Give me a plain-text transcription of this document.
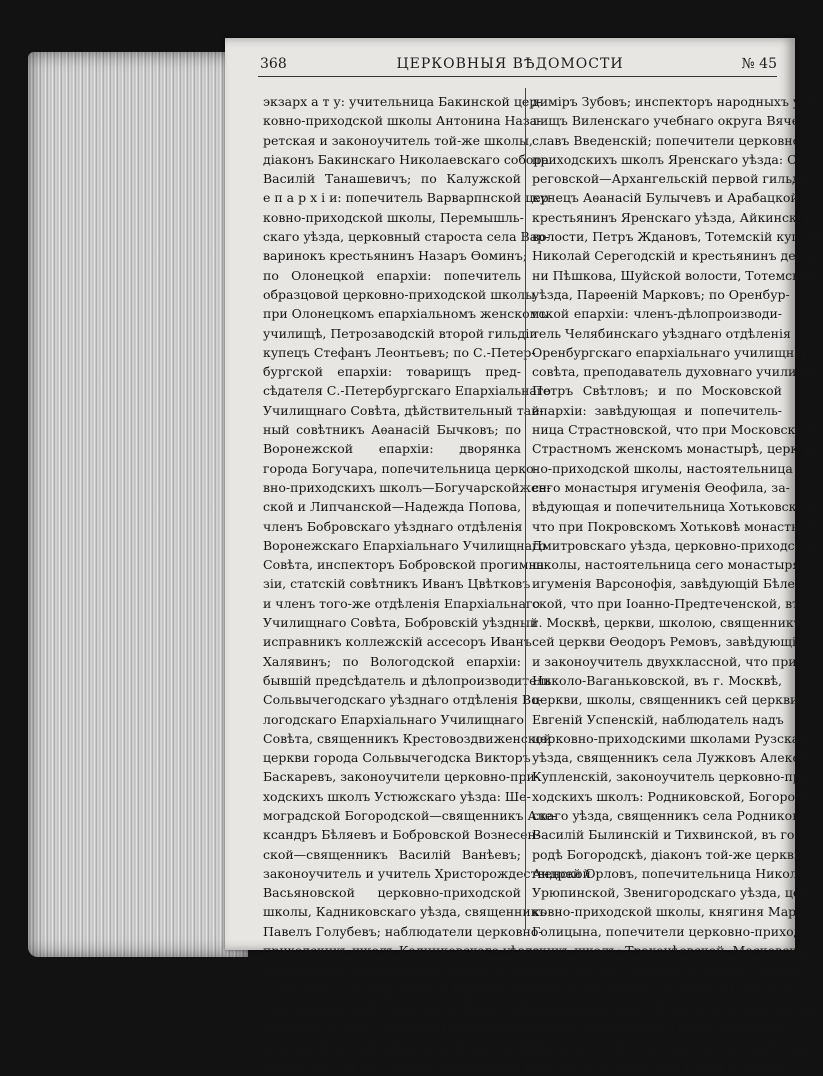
368	ЦЕРКОВНЫЯ ВѢДОМОСТИ	№ 45
экзарх а т у: учительница Бакинской цер-
ковно-приходской школы Антонина Наза-
ретская и законоучитель той-же школы,
діаконъ Бакинскаго Николаевскаго собора
Василій Танашевичъ; по Калужской
е п а р х і и: попечитель Варварпнской цер-
ковно-приходской школы, Перемышль-
скаго уѣзда, церковный староста села Вар-
варинокъ крестьянинъ Назаръ Ѳоминъ;
по Олонецкой епархіи: попечитель
образцовой церковно-приходской школы
при Олонецкомъ епархіальномъ женскомъ
училищѣ, Петрозаводскій второй гильдіи
купецъ Стефанъ Леонтьевъ; по С.-Петер-
бургской епархіи: товарищъ пред-
сѣдателя С.-Петербургскаго Епархіальнаго
Училищнаго Совѣта, дѣйствительный тай-
ный совѣтникъ Аѳанасій Бычковъ; по
Воронежской епархіи: дворянка
города Богучара, попечительница церко-
вно-приходскихъ школъ—Богучарскойжен-
ской и Липчанской—Надежда Попова,
членъ Бобровскаго уѣзднаго отдѣленія
Воронежскаго Епархіальнаго Училищнаго
Совѣта, инспекторъ Бобровской прогимна-
зіи, статскій совѣтникъ Иванъ Цвѣтковъ
и членъ того-же отдѣленія Епархіальнаго
Училищнаго Совѣта, Бобровскій уѣздный
исправникъ коллежскій ассесоръ Иванъ
Халявинъ; по Вологодской епархіи:
бывшій предсѣдатель и дѣлопроизводитель
Сольвычегодскаго уѣзднаго отдѣленія Во-
логодскаго Епархіальнаго Училищнаго
Совѣта, священникъ Крестовоздвиженской
церкви города Сольвычегодска Викторъ
Баскаревъ, законоучители церковно-при-
ходскихъ школъ Устюжскаго уѣзда: Ше-
моградской Богородской—священникъ Але-
ксандръ Бѣляевъ и Бобровской Вознесен-
ской—священникъ Василій Ванѣевъ;
законоучитель и учитель Христорождественской
Васьяновской церковно-приходской
школы, Кадниковскаго уѣзда, священникъ
Павелъ Голубевъ; наблюдатели церковно-
приходскихъ школъ Кадниковскаго уѣзда,
священники церквей: Николаевской Ембов-
ской—Викторъ Образцовъ и Преображен-
ской Вотчинской—Аристархъ Левитскій;
попечитель Христорождественской Васья-
новской церковно-приходской школы, Кад-
никовскаго уѣзда, земскій начальникъ Вла-
диміръ Зубовъ; инспекторъ народныхъ учи-
лищъ Виленскаго учебнаго округа Вяче-
славъ Введенскій; попечители церковно-
приходскихъ школъ Яренскаго уѣзда: Се-
реговской—Архангельскій первой гильдіи
купецъ Аѳанасій Булычевъ и Арабацкой—
крестьянинъ Яренскаго уѣзда, Айкинской
волости, Петръ Ждановъ, Тотемскій купецъ
Николай Серегодскій и крестьянинъ дерев-
ни Пѣшкова, Шуйской волости, Тотемскаго
уѣзда, Парѳеній Марковъ; по Оренбур-
гской епархіи: членъ-дѣлопроизводи-
тель Челябинскаго уѣзднаго отдѣленія
Оренбургскаго епархіальнаго училищнаго
совѣта, преподаватель духовнаго училища
Петръ Свѣтловъ; и по Московской
епархіи: завѣдующая и попечитель-
ница Страстновской, что при Московскомъ
Страстномъ женскомъ монастырѣ, церков-
но-приходской школы, настоятельница
сего монастыря игуменія Ѳеофила, за-
вѣдующая и попечительница Хотьковской,
что при Покровскомъ Хотьковѣ монастырѣ,
Дмитровскаго уѣзда, церковно-приходской
школы, настоятельница сего монастыря
игуменія Варсонофія, завѣдующій Бѣлев-
ской, что при Іоанно-Предтеченской, въ
г. Москвѣ, церкви, школою, священникъ
сей церкви Ѳеодоръ Ремовъ, завѣдующій
и законоучитель двухклассной, что при
Николо-Ваганьковской, въ г. Москвѣ,
церкви, школы, священникъ сей церкви
Евгеній Успенскій, наблюдатель надъ
церковно-приходскими школами Рузскаго
уѣзда, священникъ села Лужковъ Алексій
Купленскій, законоучитель церковно-при-
ходскихъ школъ: Родниковской, Богород-
скаго уѣзда, священникъ села Родниковъ
Василій Былинскій и Тихвинской, въ го-
родѣ Богородскѣ, діаконъ той-же церкви
Андрей Орловъ, попечительница Никол-
Урюпинской, Звенигородскаго уѣзда, цер-
ковно-приходской школы, княгиня Марія
Голицына, попечители церковно-приход-
скихъ школъ: Трахонѣевской, Московскаго
уѣзда, потомственный почетный гражда-
нинъ Константинъ Осиповъ, Иславской,
Звенигородскаго уѣзда, потомственный по-
четный гражданинъ Иванъ Алексѣевъ,
Московской Воскресенской, что въ Таган-
кѣ, Московскій второй гильдіи купецъ
